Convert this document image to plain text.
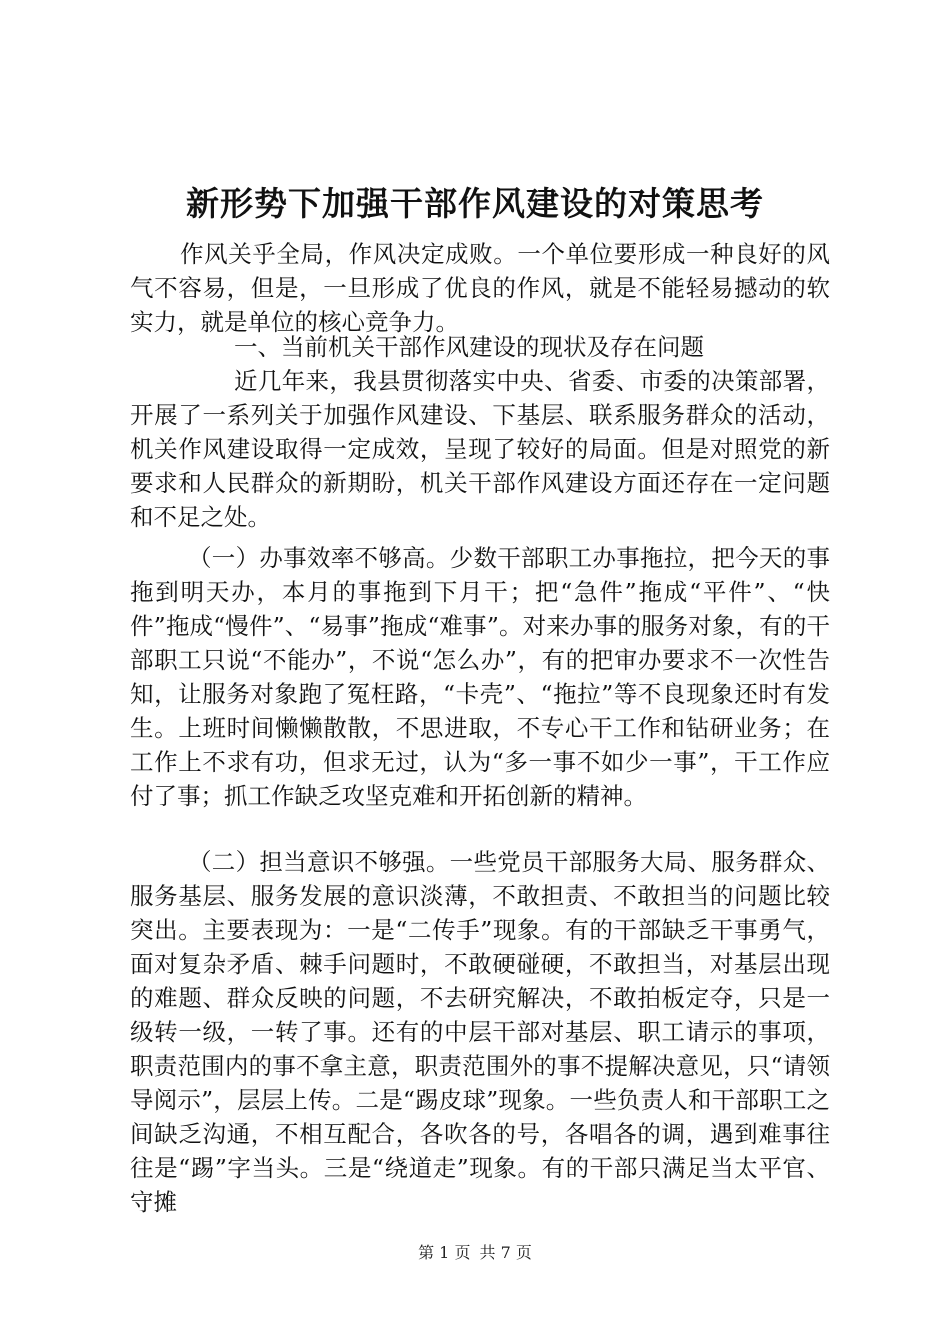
新形势下加强干部作风建设的对策思考

作风关乎全局，作风决定成败。一个单位要形成一种良好的风气不容易，但是，一旦形成了优良的作风，就是不能轻易撼动的软实力，就是单位的核心竞争力。

一、当前机关干部作风建设的现状及存在问题

近几年来，我县贯彻落实中央、省委、市委的决策部署，开展了一系列关于加强作风建设、下基层、联系服务群众的活动，机关作风建设取得一定成效，呈现了较好的局面。但是对照党的新要求和人民群众的新期盼，机关干部作风建设方面还存在一定问题和不足之处。

（一）办事效率不够高。少数干部职工办事拖拉，把今天的事拖到明天办，本月的事拖到下月干；把“急件”拖成“平件”、“快件”拖成“慢件”、“易事”拖成“难事”。对来办事的服务对象，有的干部职工只说“不能办”，不说“怎么办”，有的把审办要求不一次性告知，让服务对象跑了冤枉路，“卡壳”、“拖拉”等不良现象还时有发生。上班时间懒懒散散，不思进取，不专心干工作和钻研业务；在工作上不求有功，但求无过，认为“多一事不如少一事”，干工作应付了事；抓工作缺乏攻坚克难和开拓创新的精神。

（二）担当意识不够强。一些党员干部服务大局、服务群众、服务基层、服务发展的意识淡薄，不敢担责、不敢担当的问题比较突出。主要表现为：一是“二传手”现象。有的干部缺乏干事勇气，面对复杂矛盾、棘手问题时，不敢硬碰硬，不敢担当，对基层出现的难题、群众反映的问题，不去研究解决，不敢拍板定夺，只是一级转一级，一转了事。还有的中层干部对基层、职工请示的事项，职责范围内的事不拿主意，职责范围外的事不提解决意见，只“请领导阅示”，层层上传。二是“踢皮球”现象。一些负责人和干部职工之间缺乏沟通，不相互配合，各吹各的号，各唱各的调，遇到难事往往是“踢”字当头。三是“绕道走”现象。有的干部只满足当太平官、守摊

第 1 页 共 7 页
